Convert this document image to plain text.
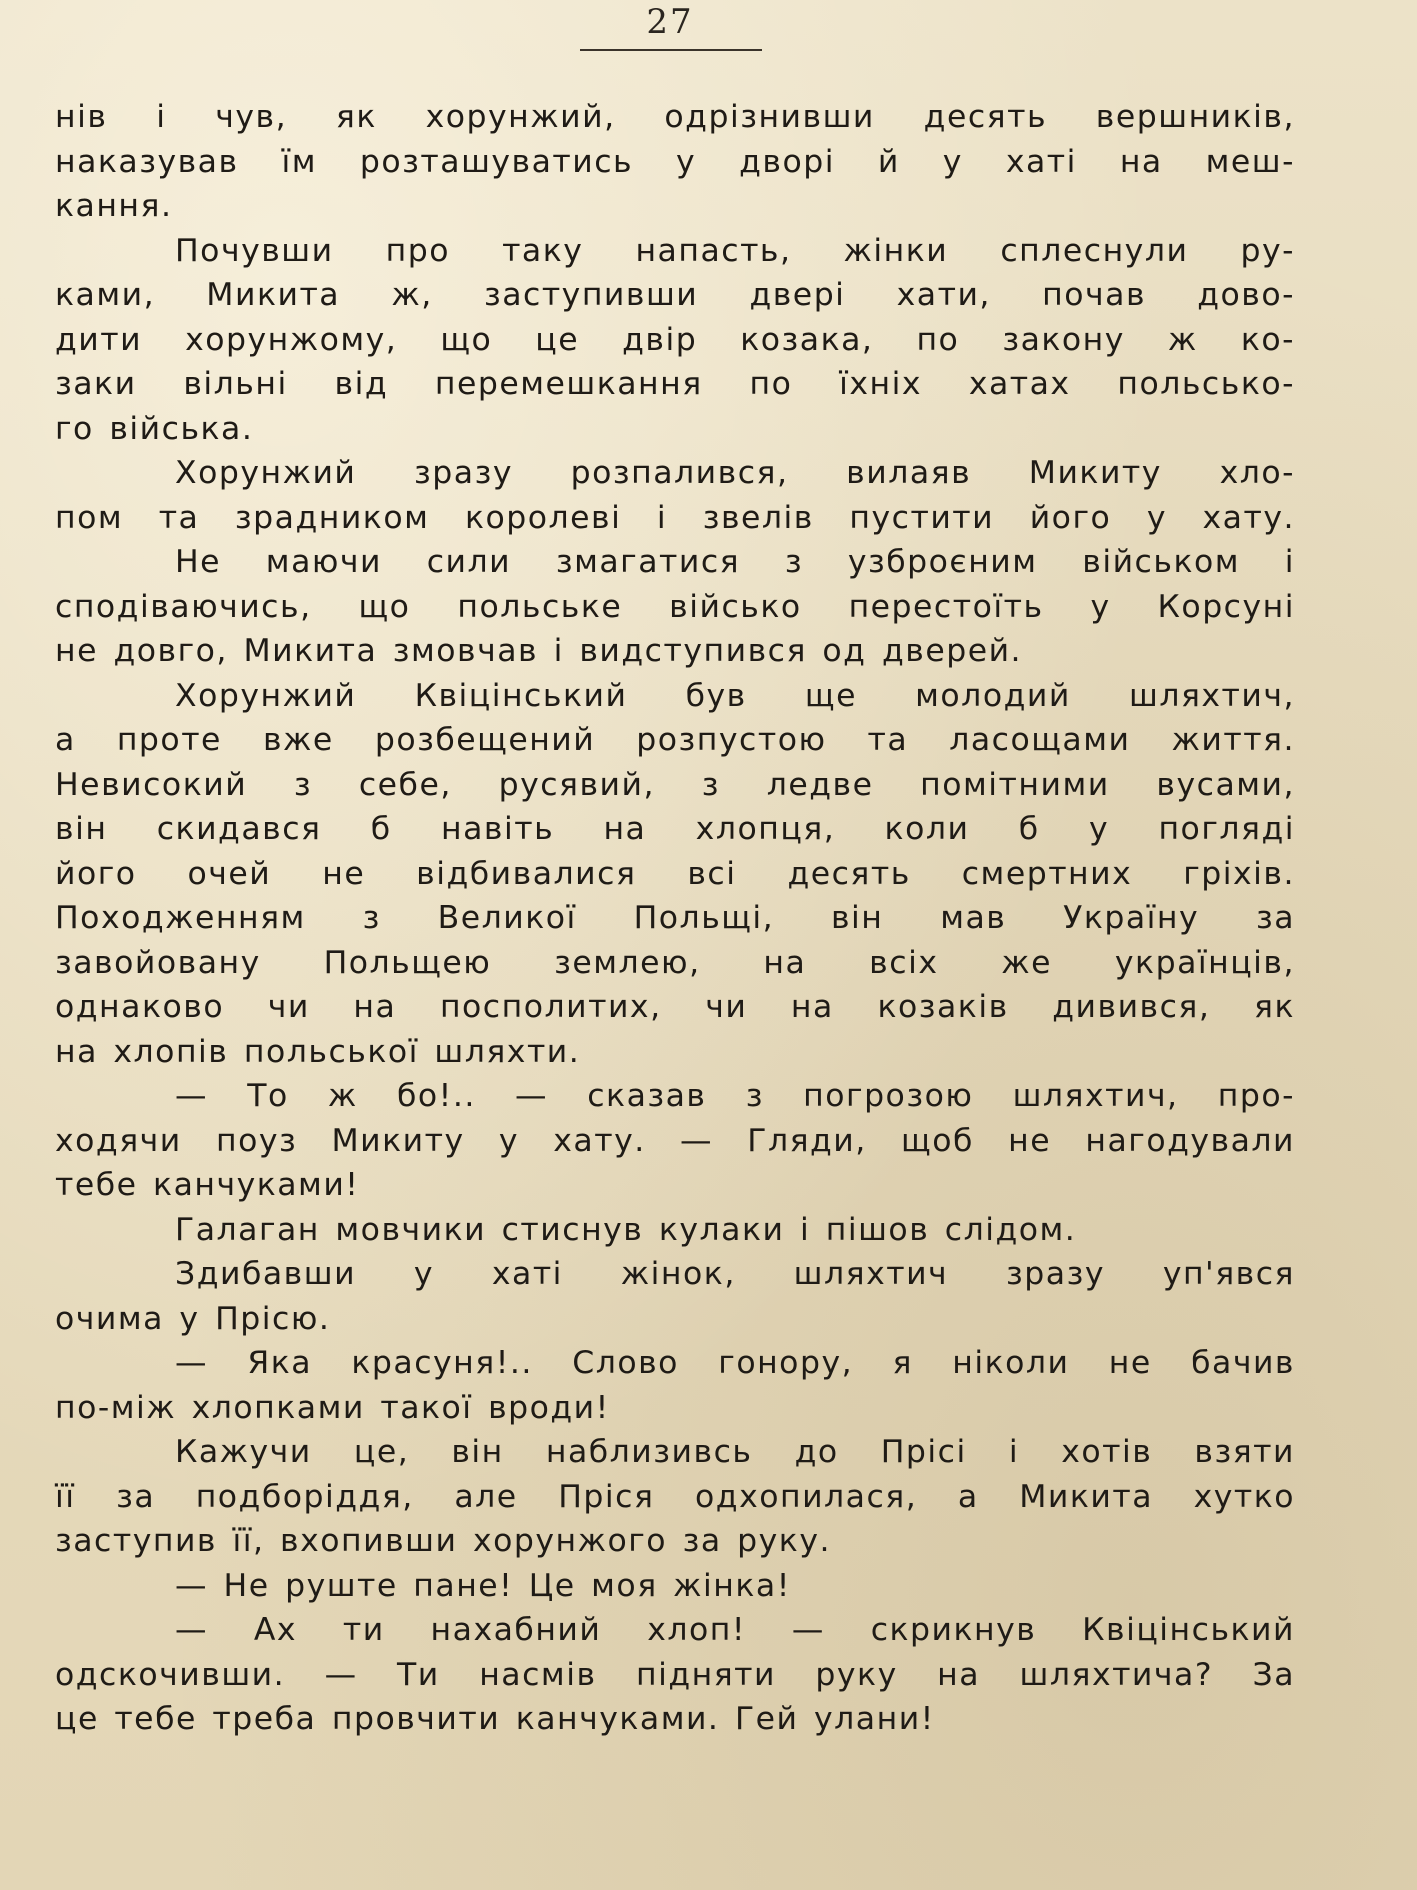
27
нів і чув, як хорунжий, одрізнивши десять вершників,
наказував їм розташуватись у дворі й у хаті на меш-
кання.
Почувши про таку напасть, жінки сплеснули ру-
ками, Микита ж, заступивши двері хати, почав дово-
дити хорунжому, що це двір козака, по закону ж ко-
заки вільні від перемешкання по їхніх хатах польсько-
го війська.
Хорунжий зразу розпалився, вилаяв Микиту хло-
пом та зрадником королеві і звелів пустити його у хату.
Не маючи сили змагатися з узброєним військом і
сподіваючись, що польське військо перестоїть у Корсуні
не довго, Микита змовчав і видступився од дверей.
Хорунжий Квіцінський був ще молодий шляхтич,
а проте вже розбещений розпустою та ласощами життя.
Невисокий з себе, русявий, з ледве помітними вусами,
він скидався б навіть на хлопця, коли б у погляді
його очей не відбивалися всі десять смертних гріхів.
Походженням з Великої Польщі, він мав Україну за
завойовану Польщею землею, на всіх же українців,
однаково чи на посполитих, чи на козаків дивився, як
на хлопів польської шляхти.
— То ж бо!.. — сказав з погрозою шляхтич, про-
ходячи поуз Микиту у хату. — Гляди, щоб не нагодували
тебе канчуками!
Галаган мовчики стиснув кулаки і пішов слідом.
Здибавши у хаті жінок, шляхтич зразу уп'явся
очима у Прісю.
— Яка красуня!.. Слово гонору, я ніколи не бачив
по-між хлопками такої вроди!
Кажучи це, він наблизивсь до Прісі і хотів взяти
її за подборіддя, але Пріся одхопилася, а Микита хутко
заступив її, вхопивши хорунжого за руку.
— Не руште пане! Це моя жінка!
— Ах ти нахабний хлоп! — скрикнув Квіцінський
одскочивши. — Ти насмів підняти руку на шляхтича? За
це тебе треба провчити канчуками. Гей улани!
